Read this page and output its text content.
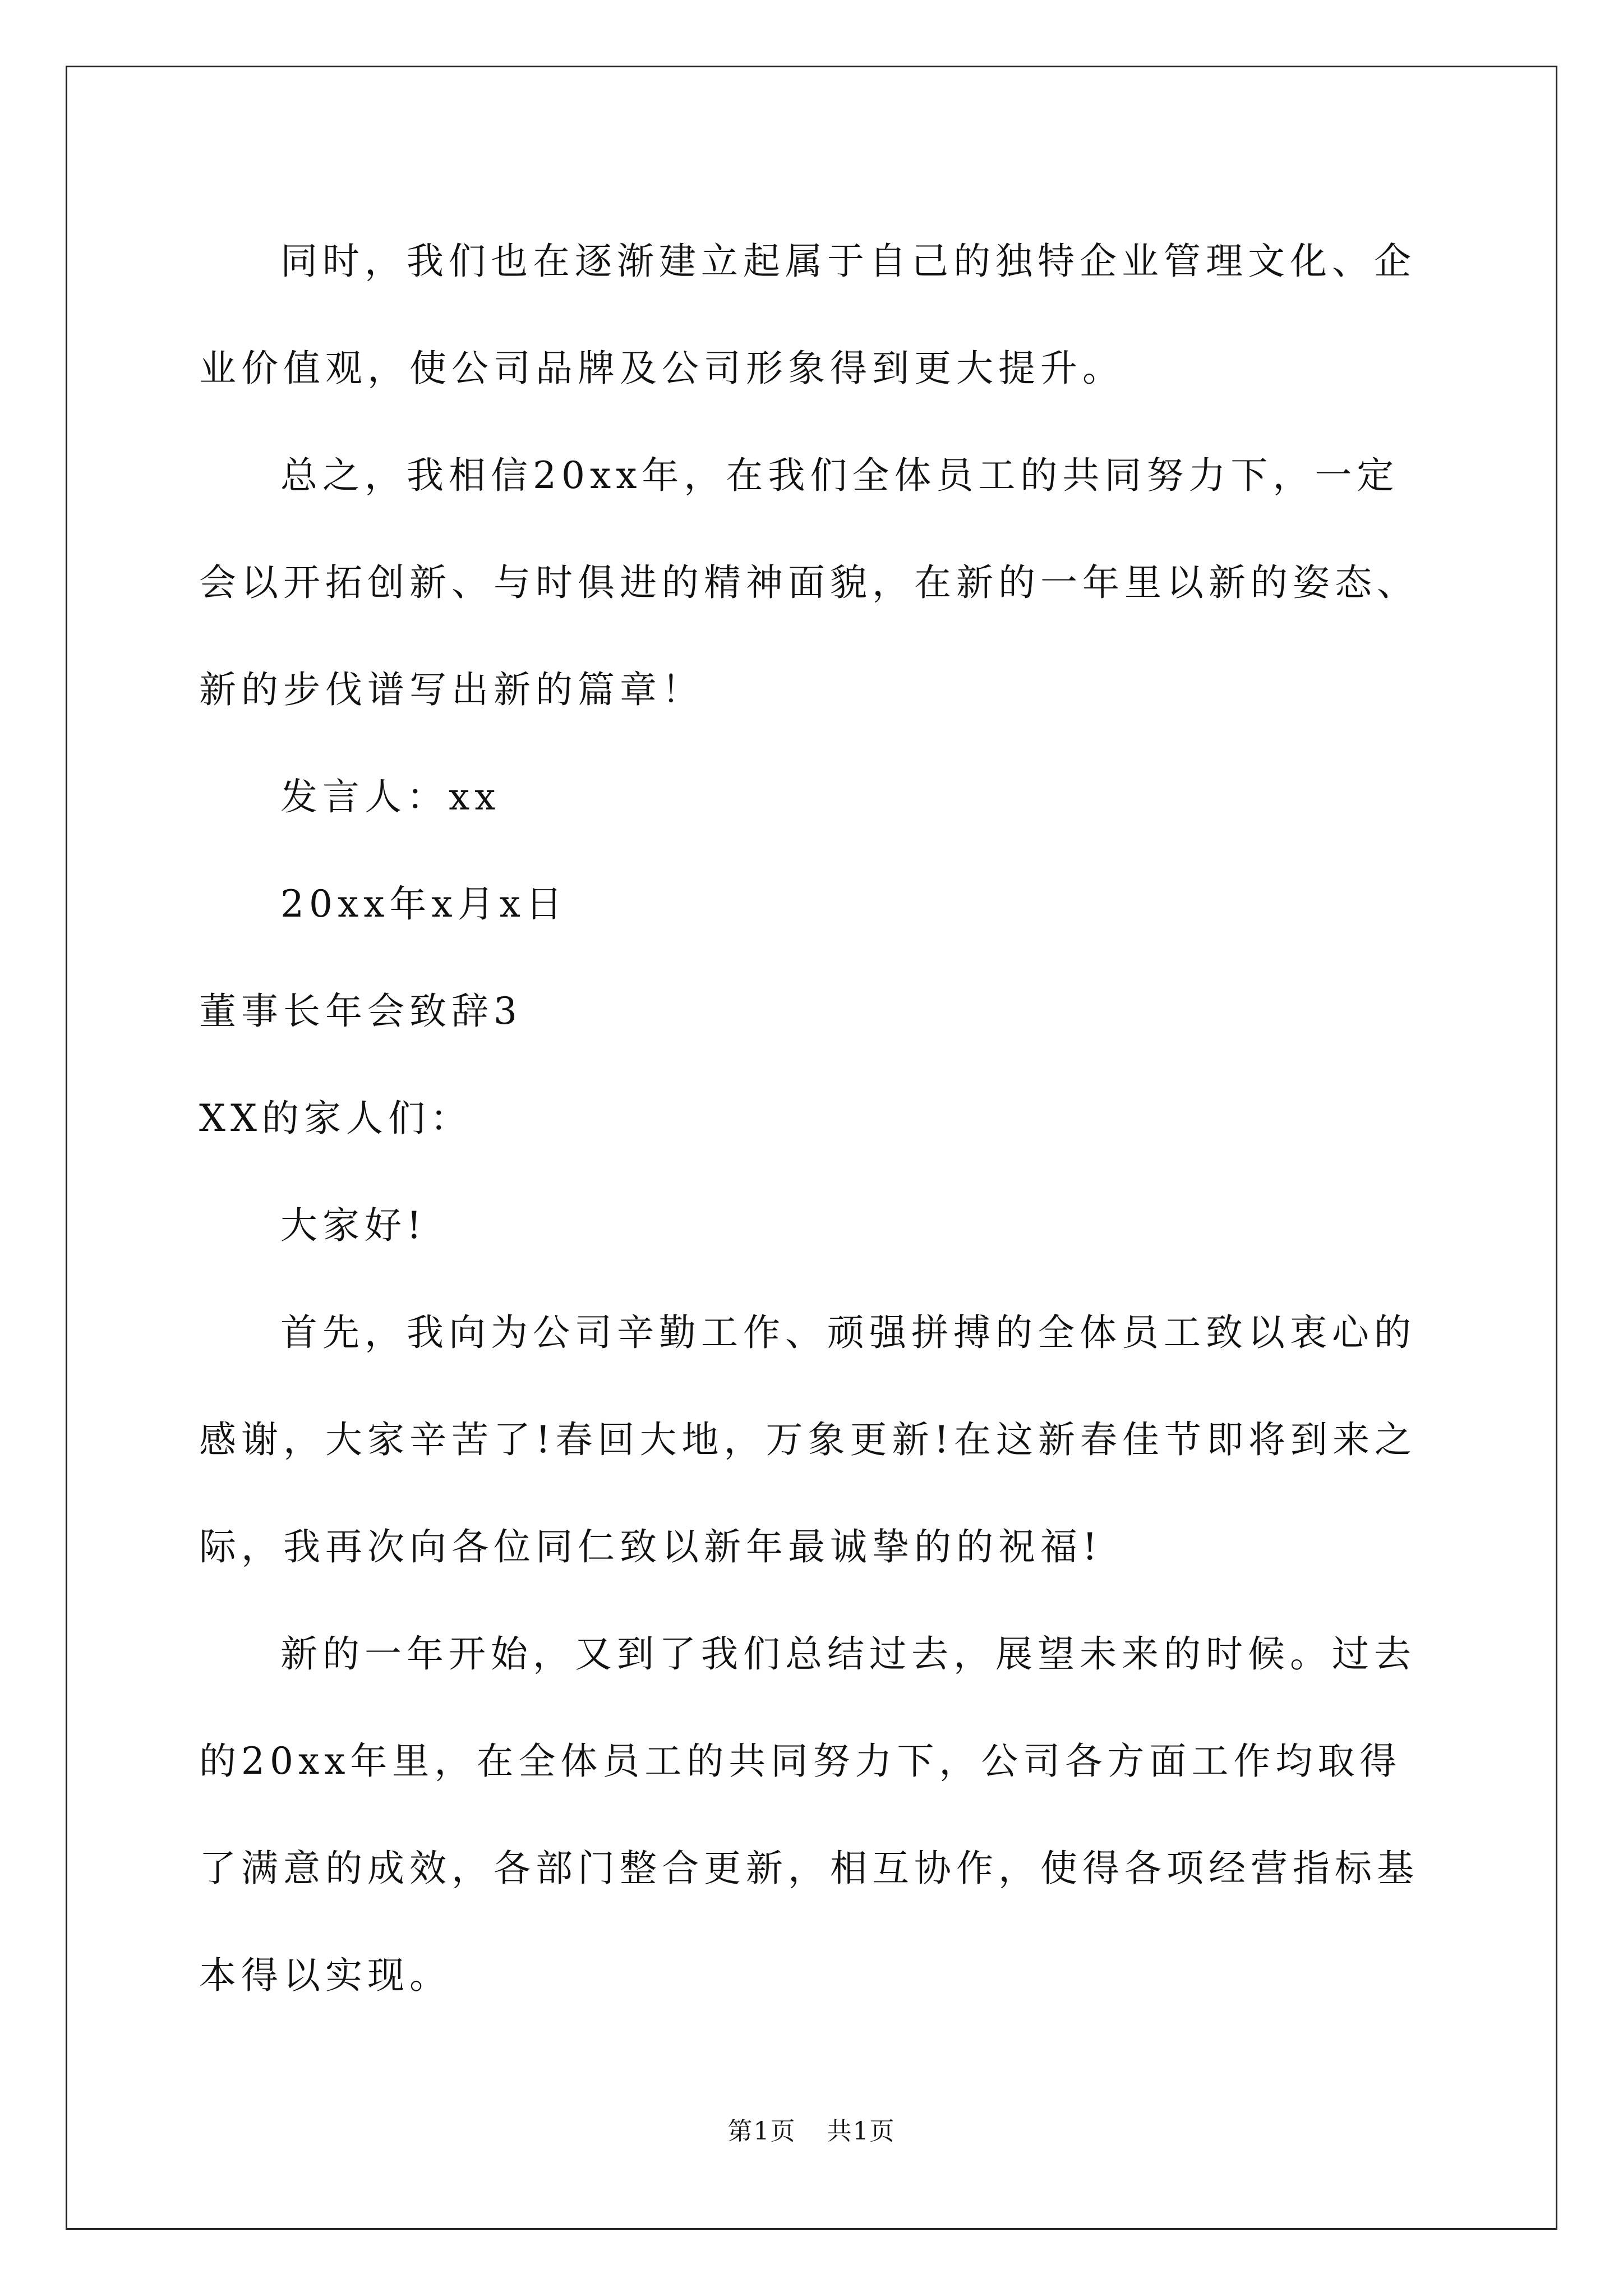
同时，我们也在逐渐建立起属于自己的独特企业管理文化、企业价值观，使公司品牌及公司形象得到更大提升。

总之，我相信20xx年，在我们全体员工的共同努力下，一定会以开拓创新、与时俱进的精神面貌，在新的一年里以新的姿态、新的步伐谱写出新的篇章！

发言人：xx

20xx年x月x日

董事长年会致辞3

XX的家人们：

大家好!

首先，我向为公司辛勤工作、顽强拼搏的全体员工致以衷心的感谢，大家辛苦了!春回大地，万象更新!在这新春佳节即将到来之际，我再次向各位同仁致以新年最诚挚的的祝福!

新的一年开始，又到了我们总结过去，展望未来的时候。过去的20xx年里，在全体员工的共同努力下，公司各方面工作均取得了满意的成效，各部门整合更新，相互协作，使得各项经营指标基本得以实现。

第1页 共1页
